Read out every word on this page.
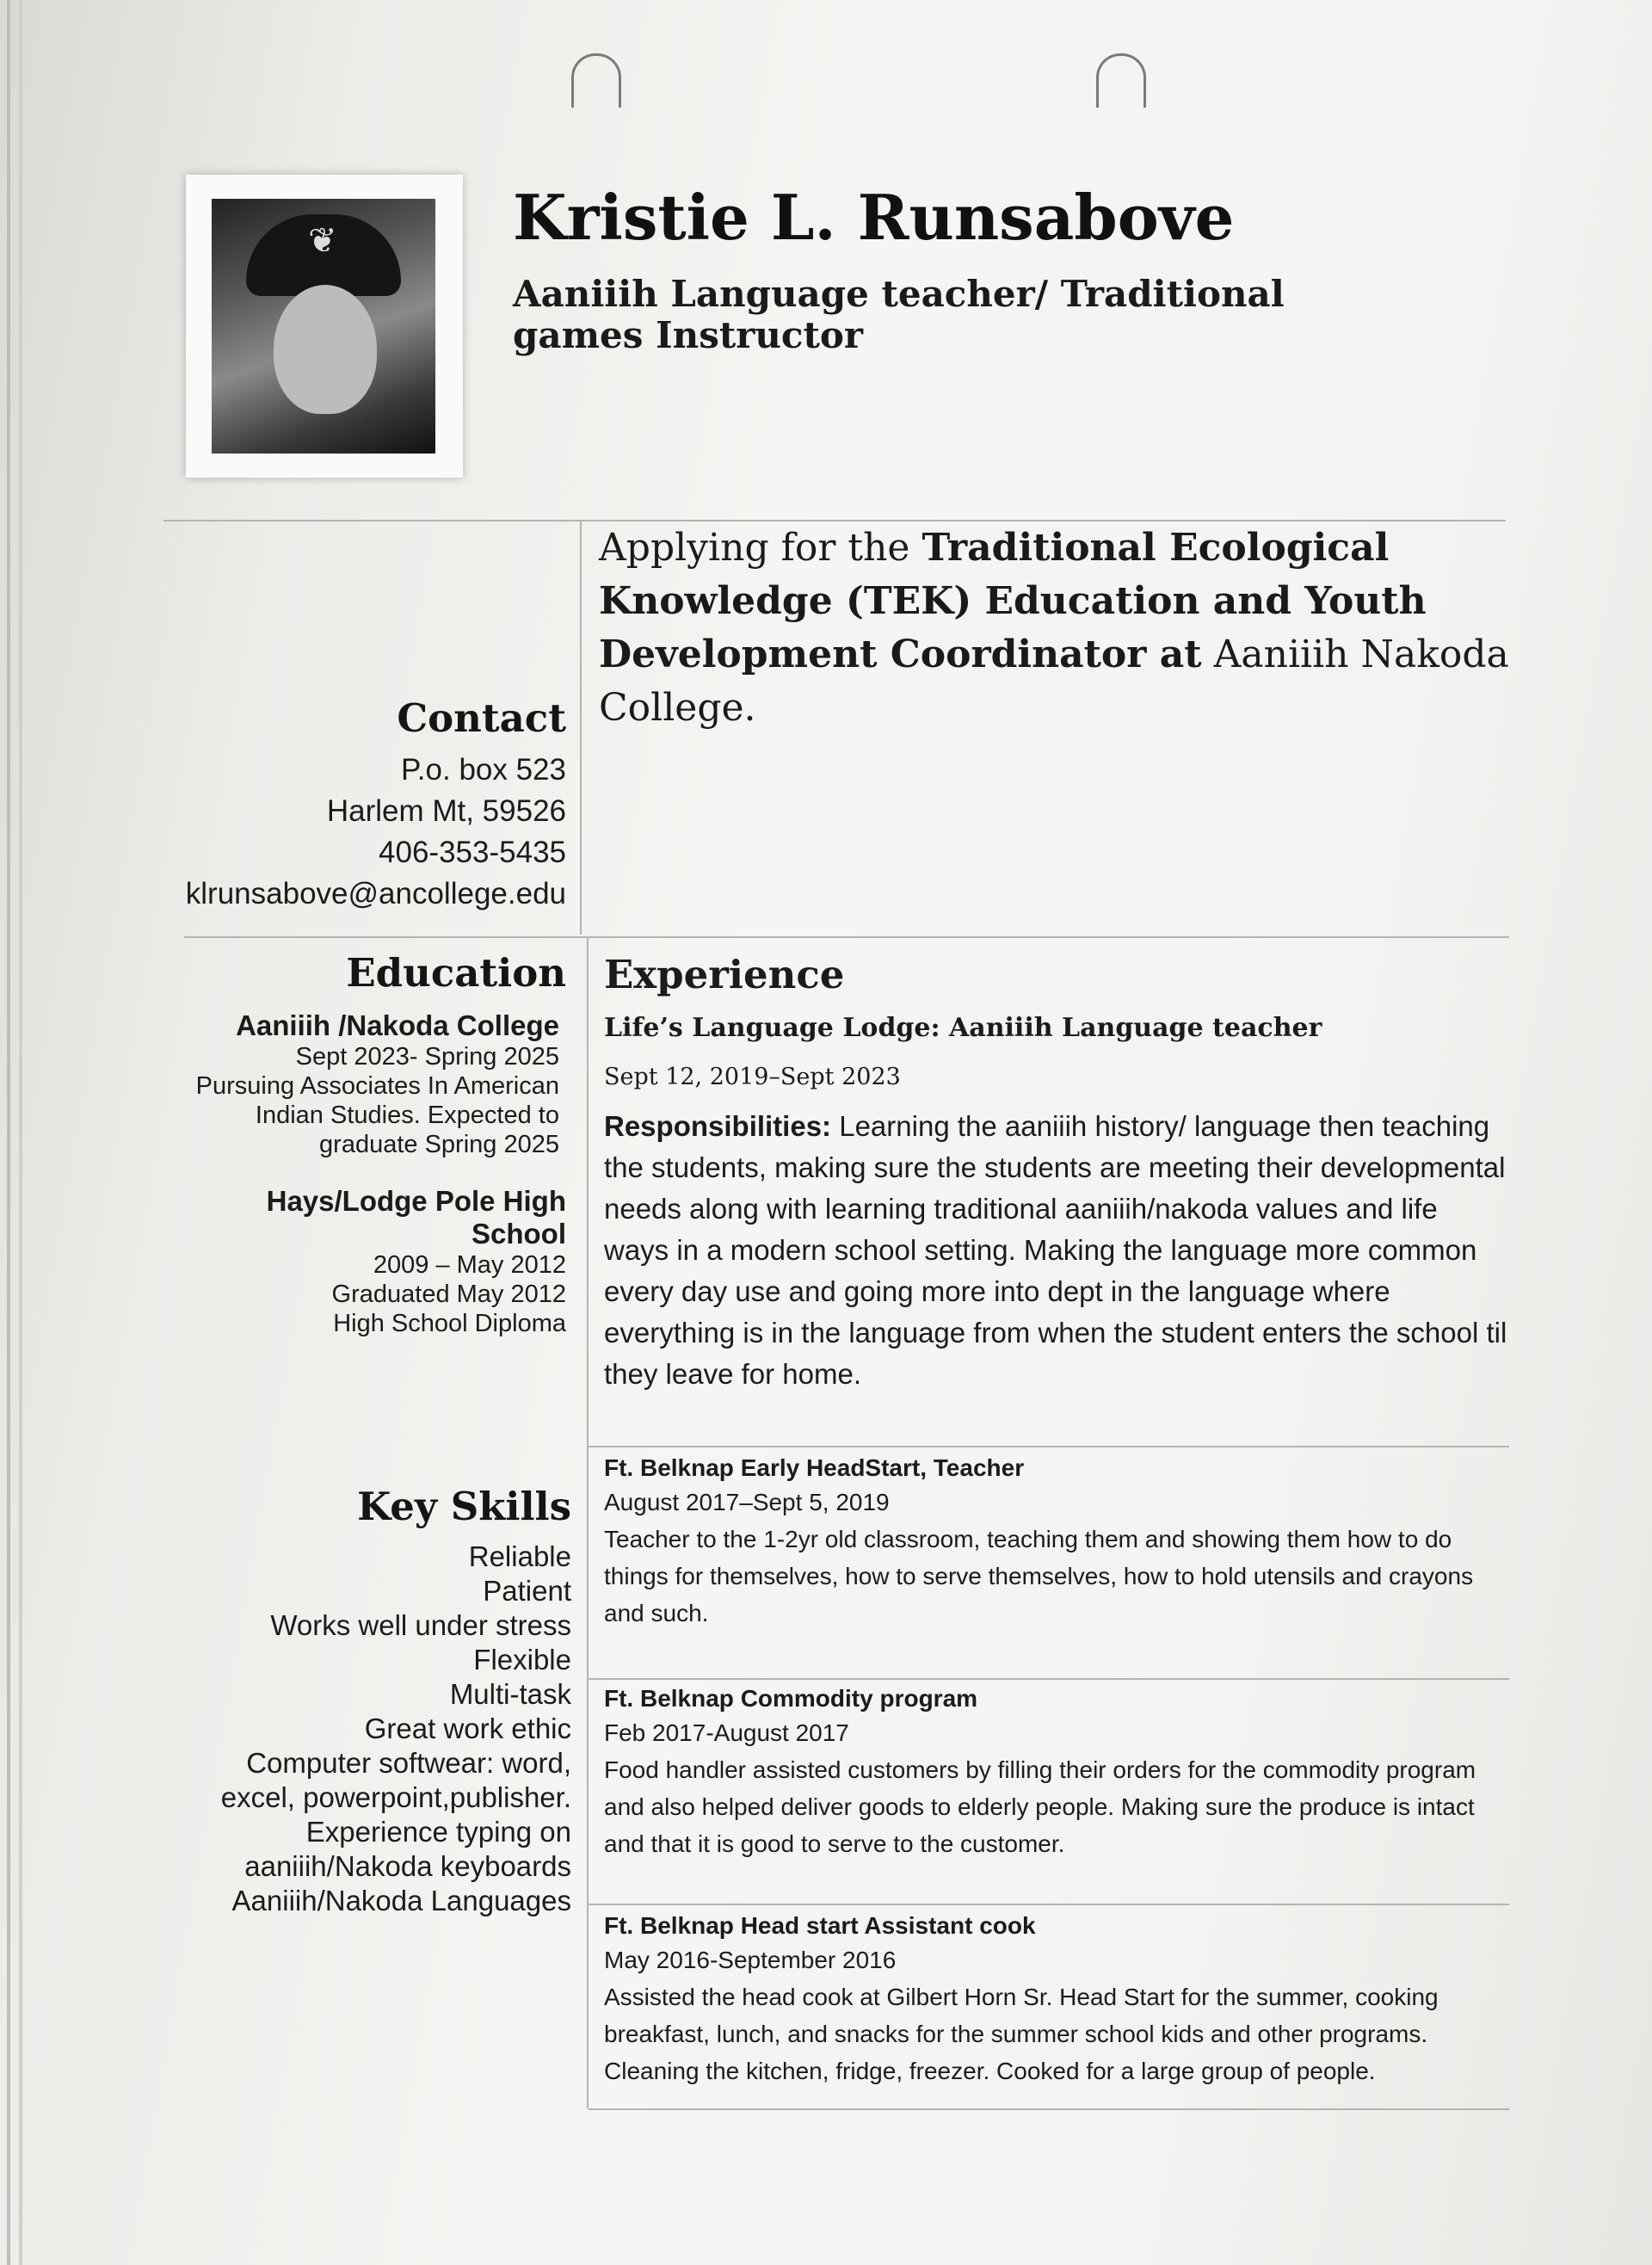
❦	Kristie L. Runsabove
Aaniiih Language teacher/ Traditional games Instructor
Applying for the Traditional Ecological Knowledge (TEK) Education and Youth Development Coordinator at Aaniiih Nakoda College.
Contact
P.o. box 523
Harlem Mt, 59526
406-353-5435
klrunsabove@ancollege.edu
Education
Aaniiih /Nakoda College
Sept 2023- Spring 2025
Pursuing Associates In American
Indian Studies. Expected to
graduate Spring 2025
Hays/Lodge Pole High School
2009 – May 2012
Graduated May 2012
High School Diploma
Key Skills
Reliable
Patient
Works well under stress
Flexible
Multi-task
Great work ethic
Computer softwear: word,
excel, powerpoint,publisher.
Experience typing on
aaniiih/Nakoda keyboards
Aaniiih/Nakoda Languages
Experience
Life’s Language Lodge: Aaniiih Language teacher
Sept 12, 2019–Sept 2023
Responsibilities: Learning the aaniiih history/ language then teaching the students, making sure the students are meeting their developmental needs along with learning traditional aaniiih/nakoda values and life ways in a modern school setting. Making the language more common every day use and going more into dept in the language where everything is in the language from when the student enters the school til they leave for home.
Ft. Belknap Early HeadStart, Teacher
August 2017–Sept 5, 2019
Teacher to the 1-2yr old classroom, teaching them and showing them how to do things for themselves, how to serve themselves, how to hold utensils and crayons and such.
Ft. Belknap Commodity program
Feb 2017-August 2017
Food handler assisted customers by filling their orders for the commodity program and also helped deliver goods to elderly people. Making sure the produce is intact and that it is good to serve to the customer.
Ft. Belknap Head start Assistant cook
May 2016-September 2016
Assisted the head cook at Gilbert Horn Sr. Head Start for the summer, cooking breakfast, lunch, and snacks for the summer school kids and other programs. Cleaning the kitchen, fridge, freezer. Cooked for a large group of people.
